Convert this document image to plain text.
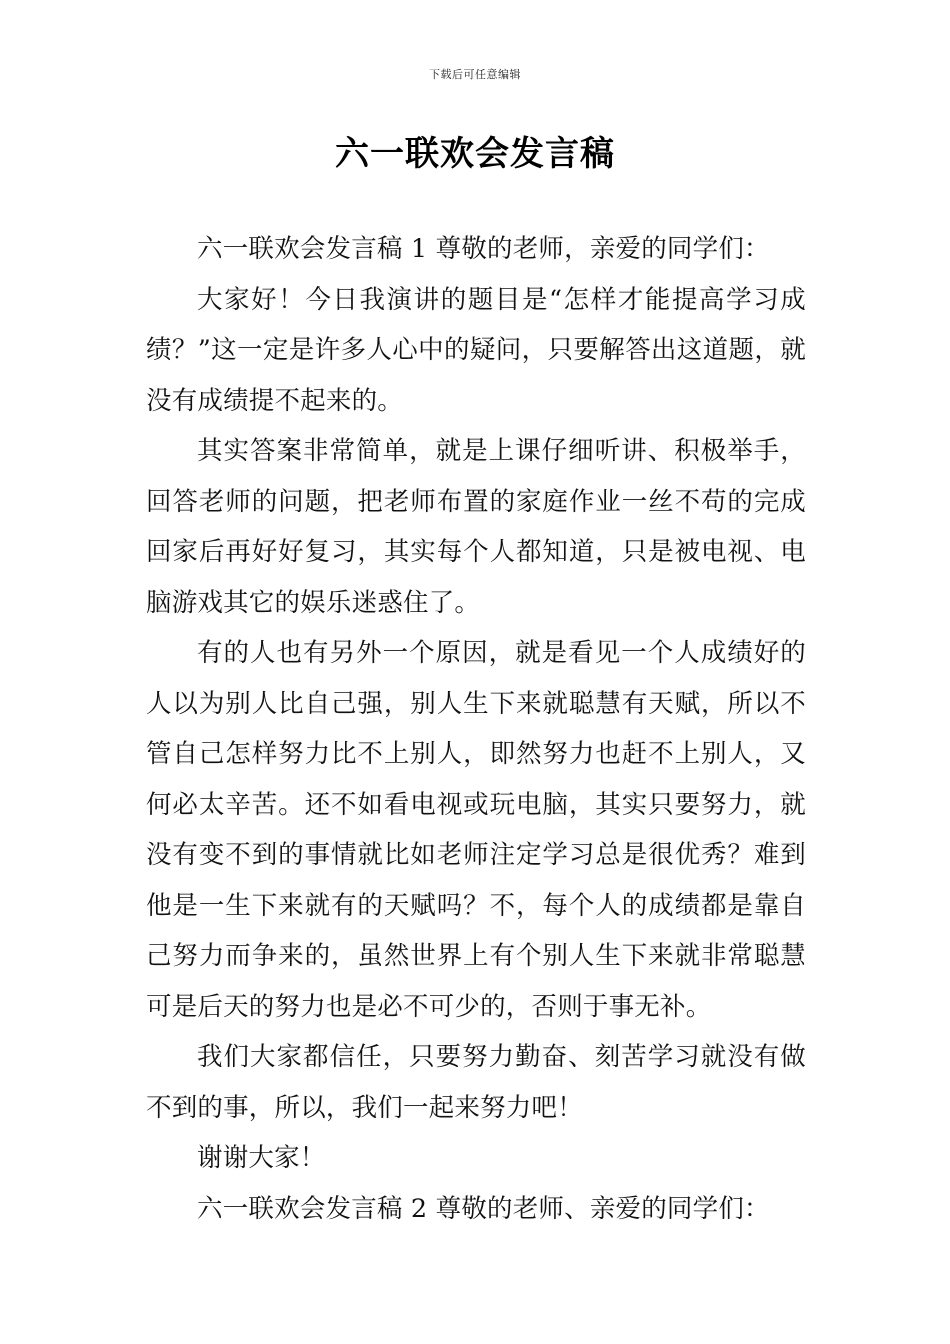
下载后可任意编辑
六一联欢会发言稿

六一联欢会发言稿 1 尊敬的老师，亲爱的同学们：

大家好！今日我演讲的题目是“怎样才能提高学习成绩？”这一定是许多人心中的疑问，只要解答出这道题，就没有成绩提不起来的。

其实答案非常简单，就是上课仔细听讲、积极举手，回答老师的问题，把老师布置的家庭作业一丝不苟的完成回家后再好好复习，其实每个人都知道，只是被电视、电脑游戏其它的娱乐迷惑住了。

有的人也有另外一个原因，就是看见一个人成绩好的人以为别人比自己强，别人生下来就聪慧有天赋，所以不管自己怎样努力比不上别人，即然努力也赶不上别人，又何必太辛苦。还不如看电视或玩电脑，其实只要努力，就没有变不到的事情就比如老师注定学习总是很优秀？难到他是一生下来就有的天赋吗？不，每个人的成绩都是靠自己努力而争来的，虽然世界上有个别人生下来就非常聪慧可是后天的努力也是必不可少的，否则于事无补。

我们大家都信任，只要努力勤奋、刻苦学习就没有做不到的事，所以，我们一起来努力吧！

谢谢大家！

六一联欢会发言稿 2 尊敬的老师、亲爱的同学们：
